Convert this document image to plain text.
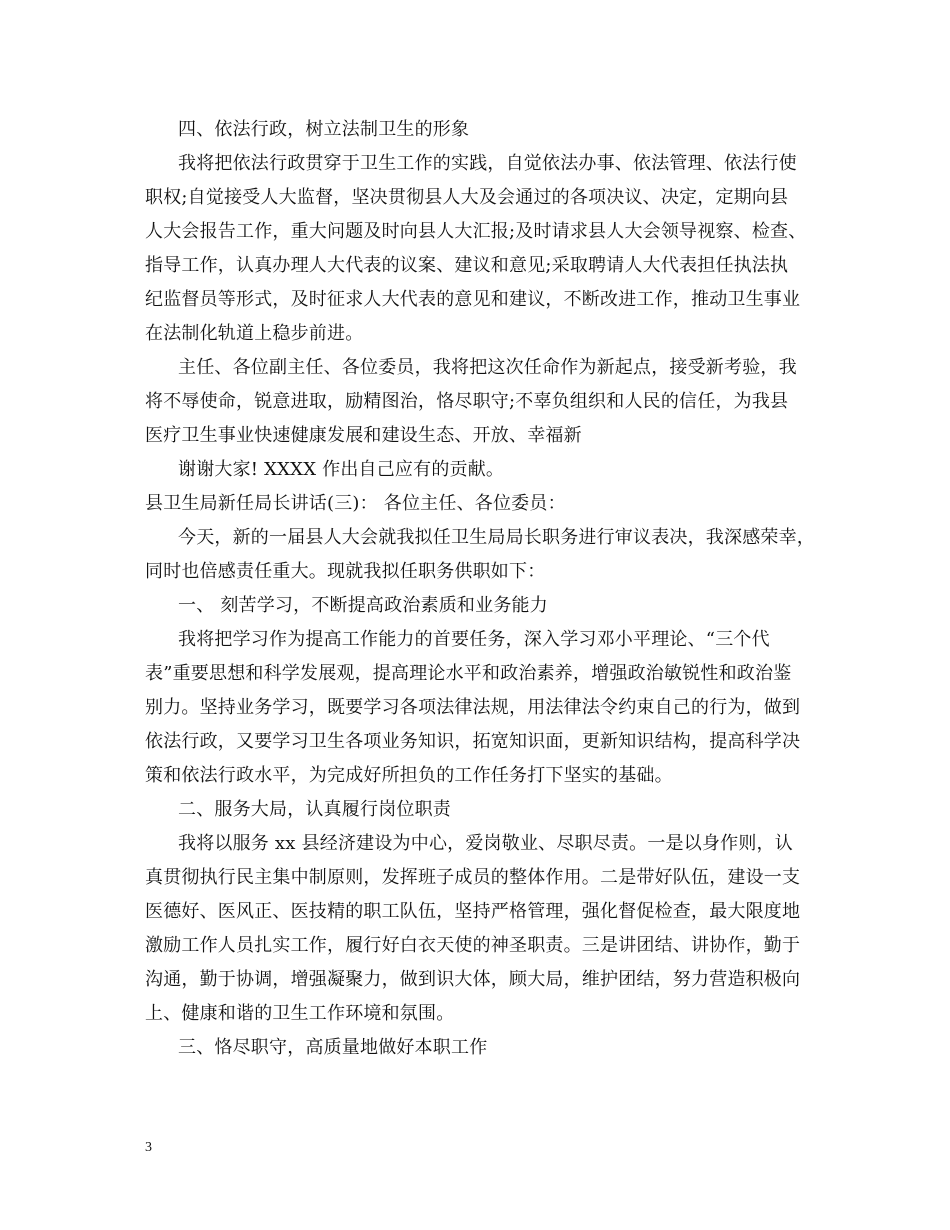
四、依法行政，树立法制卫生的形象
我将把依法行政贯穿于卫生工作的实践，自觉依法办事、依法管理、依法行使
职权;自觉接受人大监督，坚决贯彻县人大及会通过的各项决议、决定，定期向县
人大会报告工作，重大问题及时向县人大汇报;及时请求县人大会领导视察、检查、
指导工作，认真办理人大代表的议案、建议和意见;采取聘请人大代表担任执法执
纪监督员等形式，及时征求人大代表的意见和建议，不断改进工作，推动卫生事业
在法制化轨道上稳步前进。
主任、各位副主任、各位委员，我将把这次任命作为新起点，接受新考验，我
将不辱使命，锐意进取，励精图治，恪尽职守;不辜负组织和人民的信任，为我县
医疗卫生事业快速健康发展和建设生态、开放、幸福新
谢谢大家! XXXX 作出自己应有的贡献。
县卫生局新任局长讲话(三)： 各位主任、各位委员：
今天，新的一届县人大会就我拟任卫生局局长职务进行审议表决，我深感荣幸，
同时也倍感责任重大。现就我拟任职务供职如下：
一、 刻苦学习，不断提高政治素质和业务能力
我将把学习作为提高工作能力的首要任务，深入学习邓小平理论、“三个代
表”重要思想和科学发展观，提高理论水平和政治素养，增强政治敏锐性和政治鉴
别力。坚持业务学习，既要学习各项法律法规，用法律法令约束自己的行为，做到
依法行政，又要学习卫生各项业务知识，拓宽知识面，更新知识结构，提高科学决
策和依法行政水平，为完成好所担负的工作任务打下坚实的基础。
二、服务大局，认真履行岗位职责
我将以服务 xx 县经济建设为中心，爱岗敬业、尽职尽责。一是以身作则，认
真贯彻执行民主集中制原则，发挥班子成员的整体作用。二是带好队伍，建设一支
医德好、医风正、医技精的职工队伍，坚持严格管理，强化督促检查，最大限度地
激励工作人员扎实工作，履行好白衣天使的神圣职责。三是讲团结、讲协作，勤于
沟通，勤于协调，增强凝聚力，做到识大体，顾大局，维护团结，努力营造积极向
上、健康和谐的卫生工作环境和氛围。
三、恪尽职守，高质量地做好本职工作
3
